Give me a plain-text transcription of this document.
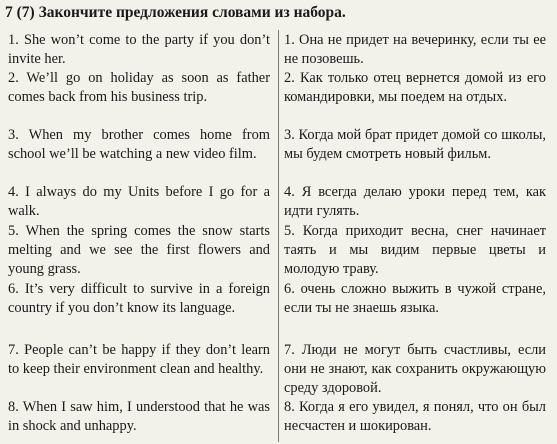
7 (7) Закончите предложения словами из набора.
1. She won’t come to the party if you don’t invite her.
1. Она не придет на вечеринку, если ты ее не позовешь.
2. We’ll go on holiday as soon as father comes back from his business trip.
2. Как только отец вернется домой из его командировки, мы поедем на отдых.
3. When my brother comes home from school we’ll be watching a new video film.
3. Когда мой брат придет домой со школы, мы будем смотреть новый фильм.
4. I always do my Units before I go for a walk.
4. Я всегда делаю уроки перед тем, как идти гулять.
5. When the spring comes the snow starts melting and we see the first flowers and young grass.
5. Когда приходит весна, снег начинает таять и мы видим первые цветы и молодую траву.
6. It’s very difficult to survive in a foreign country if you don’t know its language.
6. очень сложно выжить в чужой стране, если ты не знаешь языка.
7. People can’t be happy if they don’t learn to keep their environment clean and healthy.
7. Люди не могут быть счастливы, если они не знают, как сохранить окружающую среду здоровой.
8. When I saw him, I understood that he was in shock and unhappy.
8. Когда я его увидел, я понял, что он был несчастен и шокирован.
